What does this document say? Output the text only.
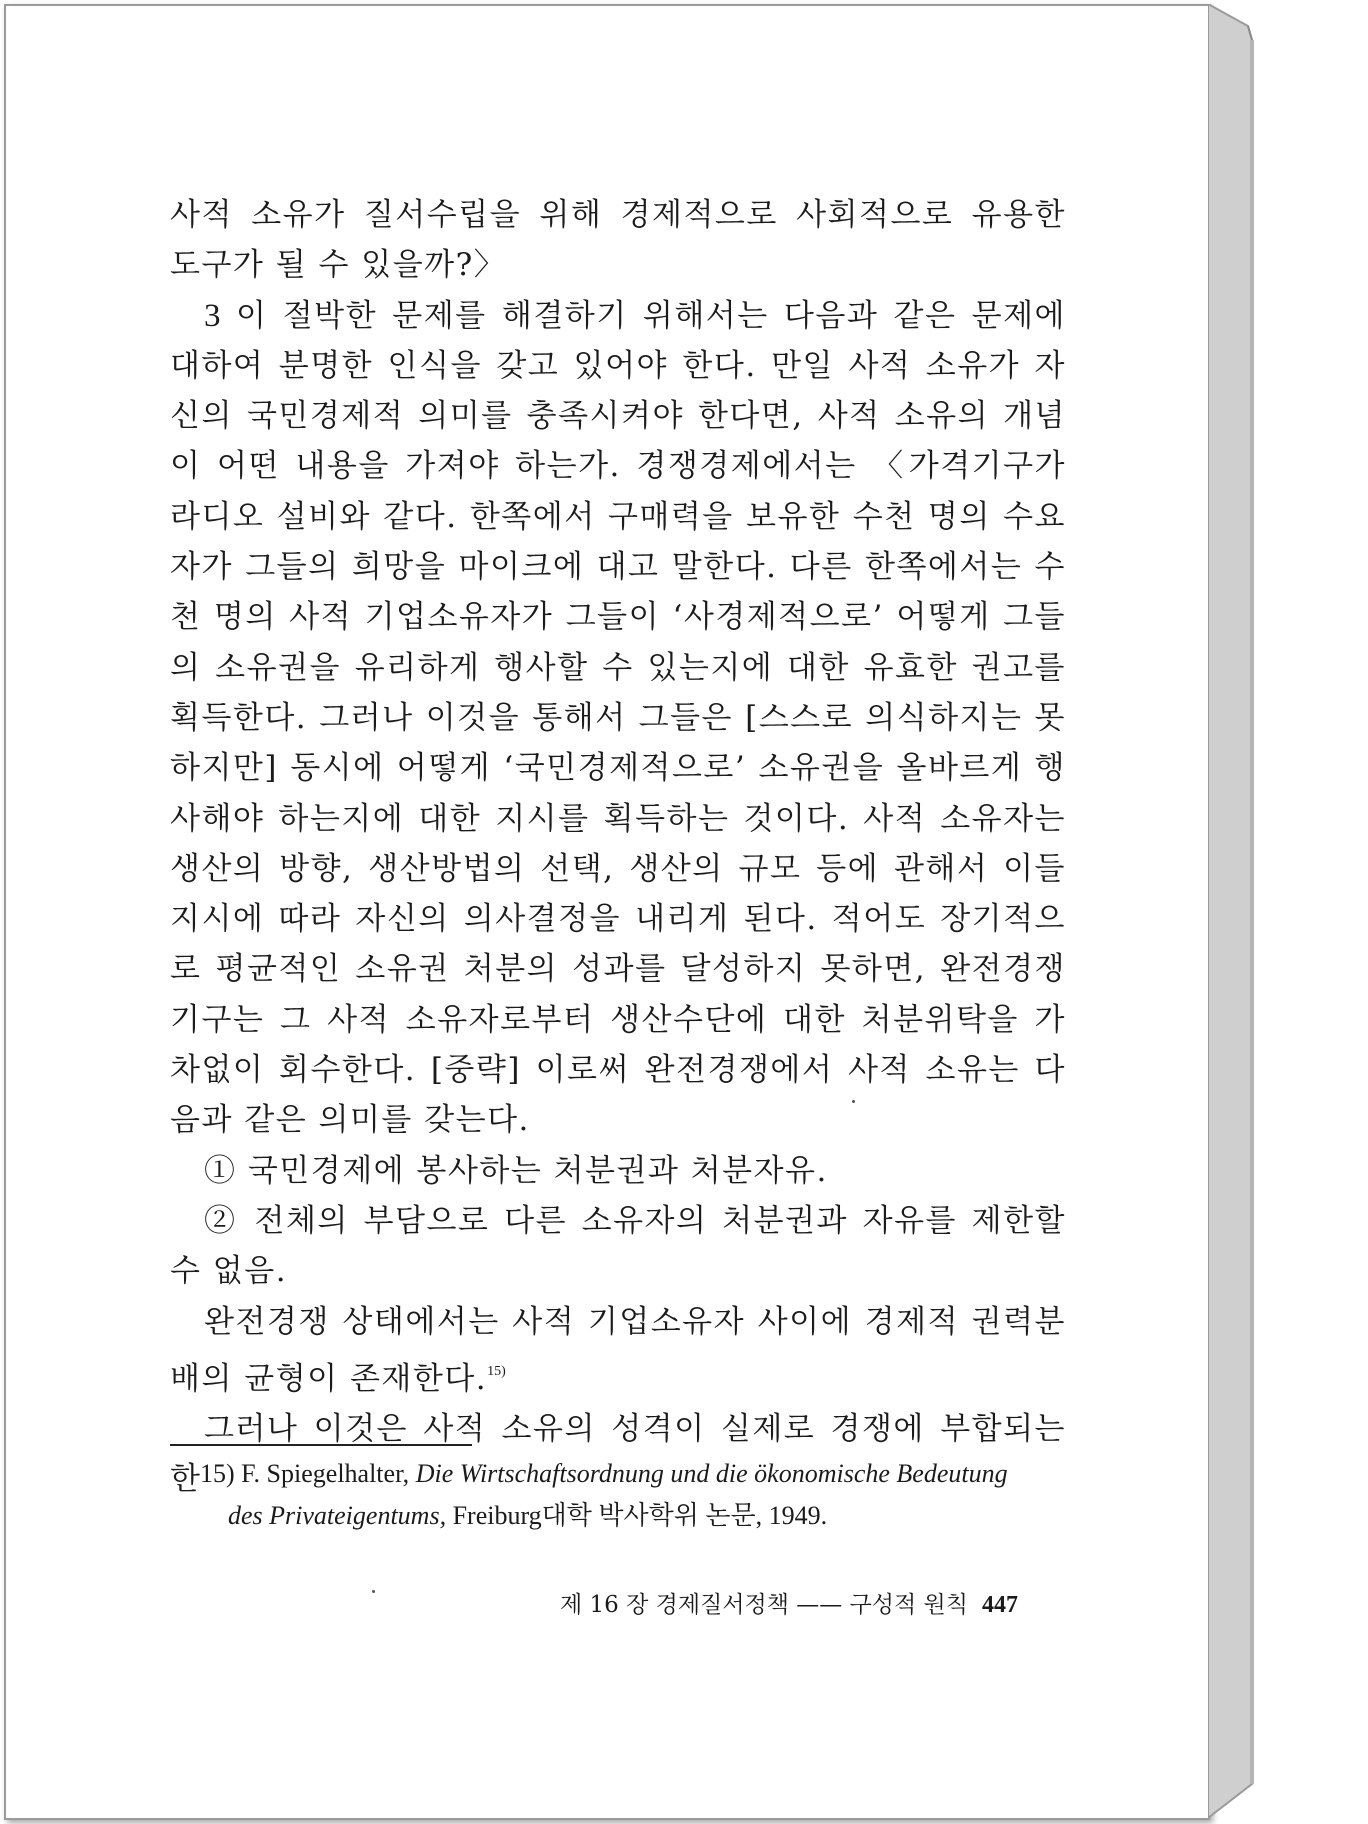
사적 소유가 질서수립을 위해 경제적으로 사회적으로 유용한 도구가 될 수 있을까?〉

3 이 절박한 문제를 해결하기 위해서는 다음과 같은 문제에 대하여 분명한 인식을 갖고 있어야 한다. 만일 사적 소유가 자신의 국민경제적 의미를 충족시켜야 한다면, 사적 소유의 개념이 어떤 내용을 가져야 하는가. 경쟁경제에서는 〈가격기구가 라디오 설비와 같다. 한쪽에서 구매력을 보유한 수천 명의 수요자가 그들의 희망을 마이크에 대고 말한다. 다른 한쪽에서는 수천 명의 사적 기업소유자가 그들이 ‘사경제적으로’ 어떻게 그들의 소유권을 유리하게 행사할 수 있는지에 대한 유효한 권고를 획득한다. 그러나 이것을 통해서 그들은 [스스로 의식하지는 못하지만] 동시에 어떻게 ‘국민경제적으로’ 소유권을 올바르게 행사해야 하는지에 대한 지시를 획득하는 것이다. 사적 소유자는 생산의 방향, 생산방법의 선택, 생산의 규모 등에 관해서 이들 지시에 따라 자신의 의사결정을 내리게 된다. 적어도 장기적으로 평균적인 소유권 처분의 성과를 달성하지 못하면, 완전경쟁기구는 그 사적 소유자로부터 생산수단에 대한 처분위탁을 가차없이 회수한다. [중략] 이로써 완전경쟁에서 사적 소유는 다음과 같은 의미를 갖는다.

① 국민경제에 봉사하는 처분권과 처분자유.

② 전체의 부담으로 다른 소유자의 처분권과 자유를 제한할 수 없음.

완전경쟁 상태에서는 사적 기업소유자 사이에 경제적 권력분배의 균형이 존재한다.$^{15)}$

그러나 이것은 사적 소유의 성격이 실제로 경쟁에 부합되는 한

15) F. Spiegelhalter, Die Wirtschaftsordnung und die ökonomische Bedeutung
des Privateigentums, Freiburg대학 박사학위 논문, 1949.
제 16 장 경제질서정책 —— 구성적 원칙 447
